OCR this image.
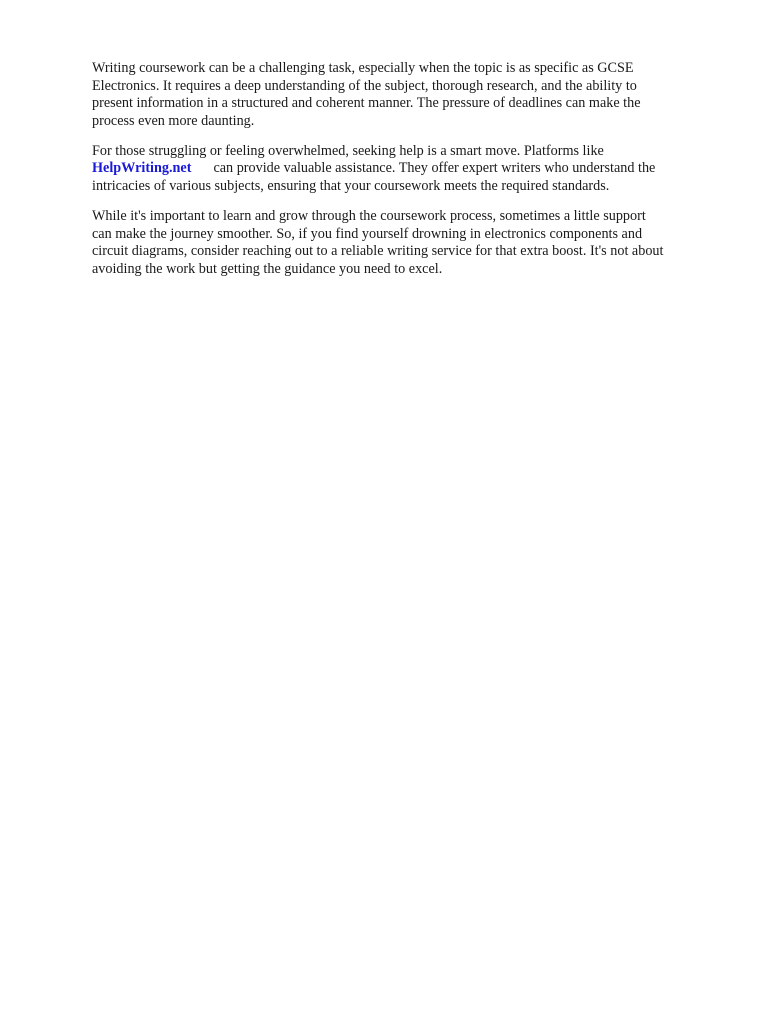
Writing coursework can be a challenging task, especially when the topic is as specific as GCSE
Electronics. It requires a deep understanding of the subject, thorough research, and the ability to
present information in a structured and coherent manner. The pressure of deadlines can make the
process even more daunting.

For those struggling or feeling overwhelmed, seeking help is a smart move. Platforms like
HelpWriting.net can provide valuable assistance. They offer expert writers who understand the
intricacies of various subjects, ensuring that your coursework meets the required standards.

While it's important to learn and grow through the coursework process, sometimes a little support
can make the journey smoother. So, if you find yourself drowning in electronics components and
circuit diagrams, consider reaching out to a reliable writing service for that extra boost. It's not about
avoiding the work but getting the guidance you need to excel.
